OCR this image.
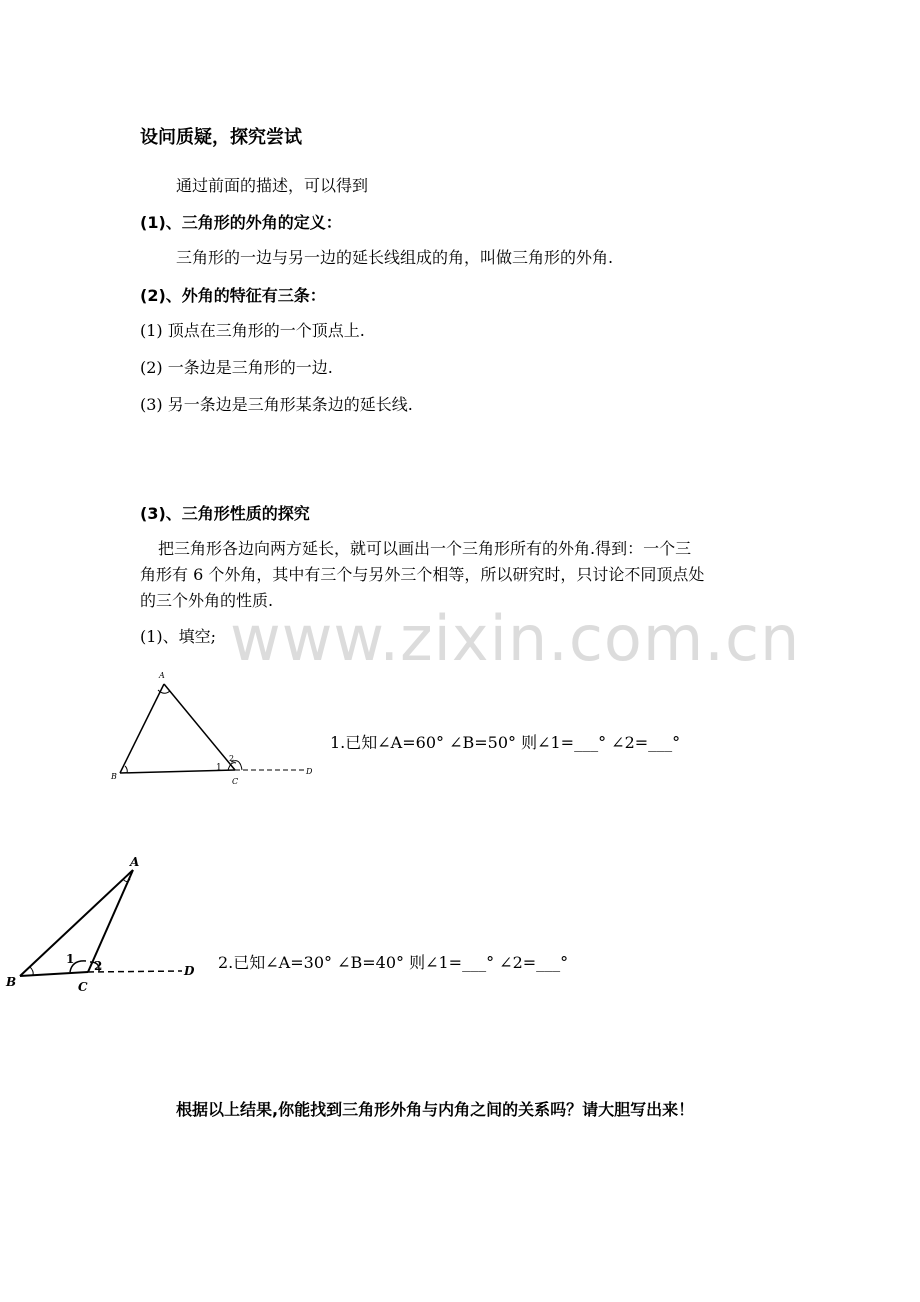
www.zixin.com.cn
设问质疑，探究尝试
通过前面的描述，可以得到
(1)、三角形的外角的定义：
三角形的一边与另一边的延长线组成的角，叫做三角形的外角.
(2)、外角的特征有三条：
(1) 顶点在三角形的一个顶点上.
(2) 一条边是三角形的一边.
(3) 另一条边是三角形某条边的延长线.
(3)、三角形性质的探究
把三角形各边向两方延长，就可以画出一个三角形所有的外角.得到：一个三
角形有 6 个外角，其中有三个与另外三个相等，所以研究时，只讨论不同顶点处
的三个外角的性质.
(1)、填空;
A
B
C
D
1
2
1.已知∠A=60° ∠B=50° 则∠1=___° ∠2=___°
A
B	C
D
1 2	2.已知∠A=30° ∠B=40° 则∠1=___° ∠2=___°
根据以上结果,你能找到三角形外角与内角之间的关系吗？请大胆写出来！
